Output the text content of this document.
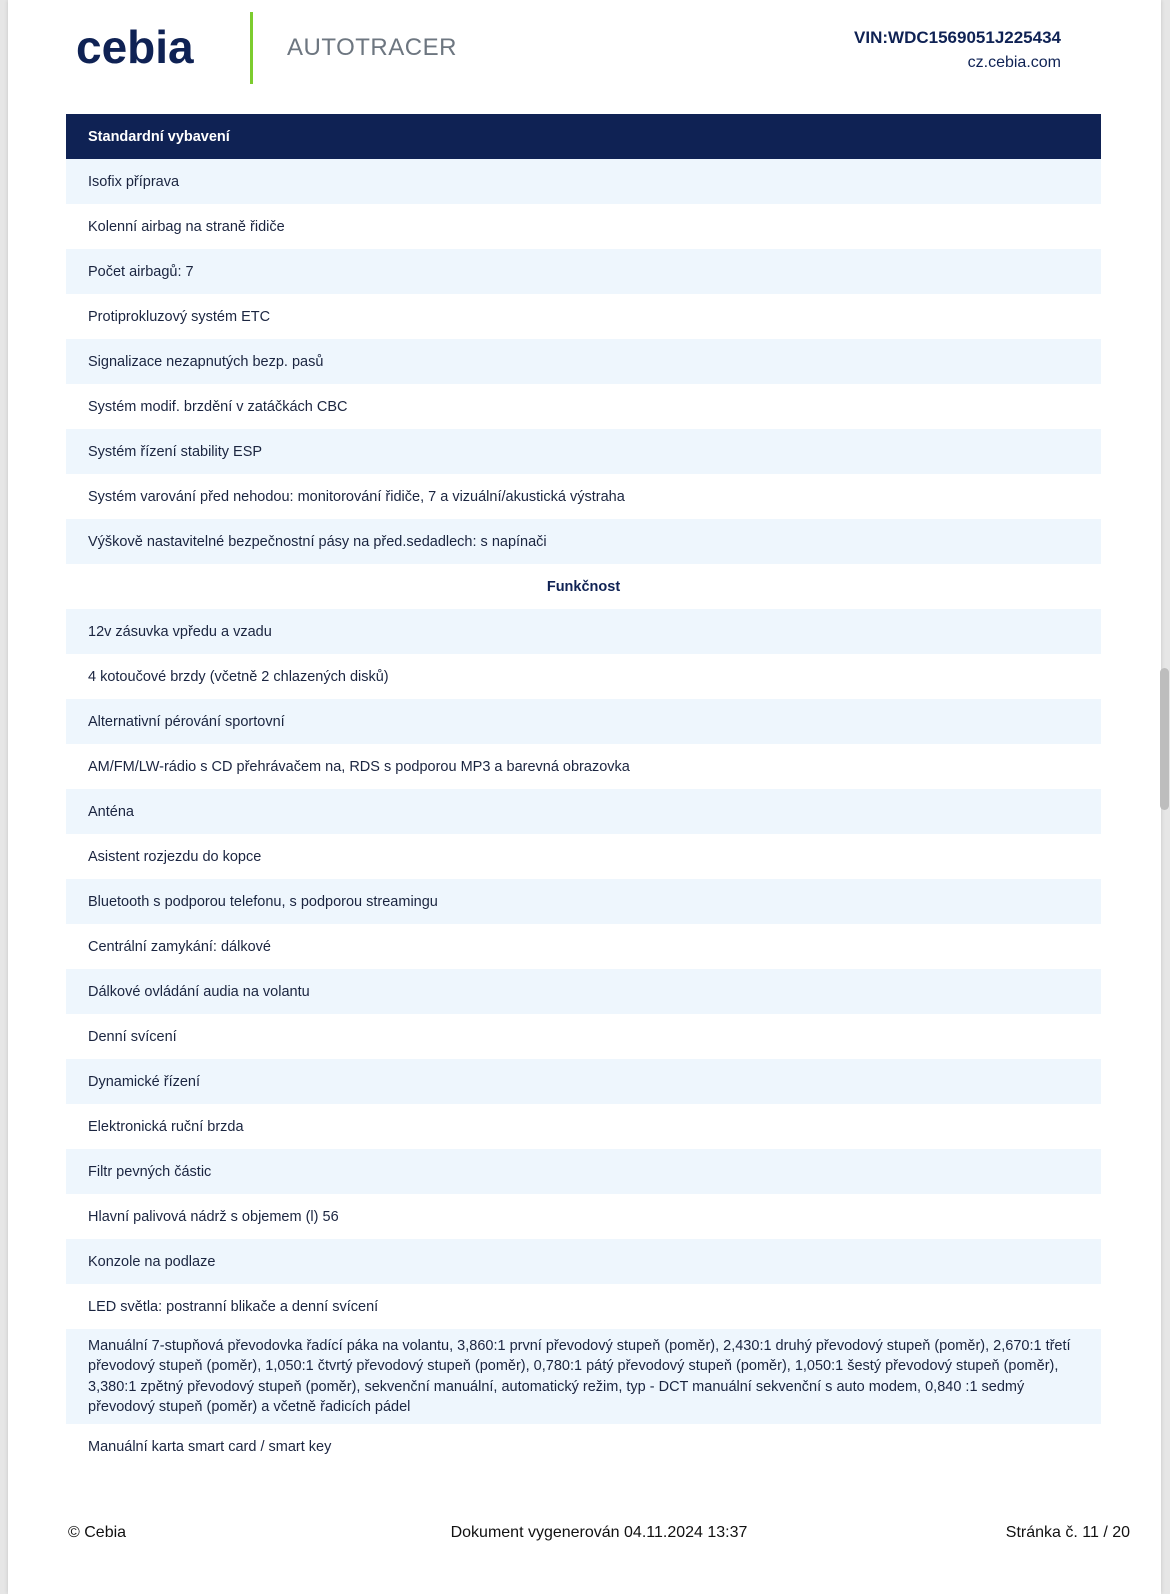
cebia	AUTOTRACER	VIN:WDC1569051J225434
cz.cebia.com
Standardní vybavení
Isofix příprava
Kolenní airbag na straně řidiče
Počet airbagů: 7
Protiprokluzový systém ETC
Signalizace nezapnutých bezp. pasů
Systém modif. brzdění v zatáčkách CBC
Systém řízení stability ESP
Systém varování před nehodou: monitorování řidiče, 7 a vizuální/akustická výstraha
Výškově nastavitelné bezpečnostní pásy na před.sedadlech: s napínači
Funkčnost
12v zásuvka vpředu a vzadu
4 kotoučové brzdy (včetně 2 chlazených disků)
Alternativní pérování sportovní
AM/FM/LW-rádio s CD přehrávačem na, RDS s podporou MP3 a barevná obrazovka
Anténa
Asistent rozjezdu do kopce
Bluetooth s podporou telefonu, s podporou streamingu
Centrální zamykání: dálkové
Dálkové ovládání audia na volantu
Denní svícení
Dynamické řízení
Elektronická ruční brzda
Filtr pevných částic
Hlavní palivová nádrž s objemem (l) 56
Konzole na podlaze
LED světla: postranní blikače a denní svícení
Manuální 7-stupňová převodovka řadící páka na volantu, 3,860:1 první převodový stupeň (poměr), 2,430:1 druhý převodový stupeň (poměr), 2,670:1 třetí převodový stupeň (poměr), 1,050:1 čtvrtý převodový stupeň (poměr), 0,780:1 pátý převodový stupeň (poměr), 1,050:1 šestý převodový stupeň (poměr), 3,380:1 zpětný převodový stupeň (poměr), sekvenční manuální, automatický režim, typ - DCT manuální sekvenční s auto modem, 0,840 :1 sedmý převodový stupeň (poměr) a včetně řadicích pádel
Manuální karta smart card / smart key
© Cebia	Dokument vygenerován 04.11.2024 13:37	Stránka č. 11 / 20
